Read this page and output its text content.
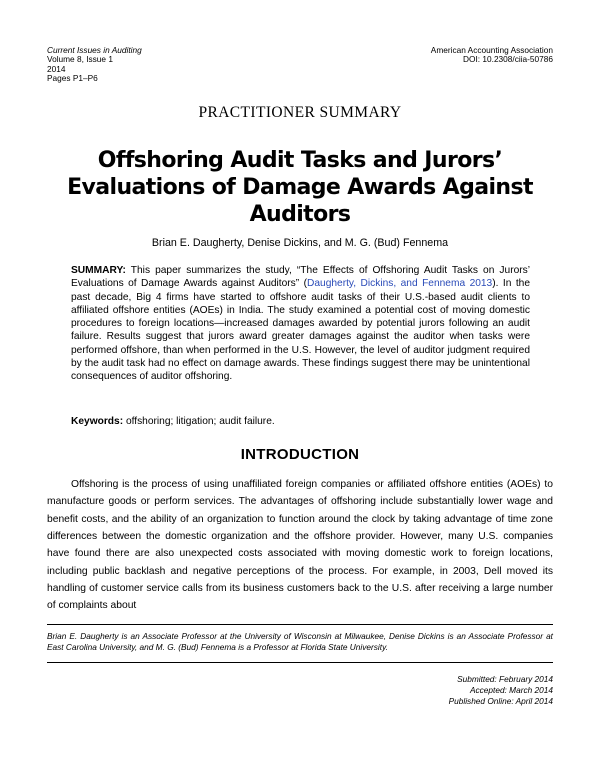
Current Issues in Auditing
Volume 8, Issue 1
2014
Pages P1–P6
American Accounting Association
DOI: 10.2308/ciia-50786
PRACTITIONER SUMMARY
Offshoring Audit Tasks and Jurors’ Evaluations of Damage Awards Against Auditors
Brian E. Daugherty, Denise Dickins, and M. G. (Bud) Fennema
SUMMARY: This paper summarizes the study, “The Effects of Offshoring Audit Tasks on Jurors’ Evaluations of Damage Awards against Auditors” (Daugherty, Dickins, and Fennema 2013). In the past decade, Big 4 firms have started to offshore audit tasks of their U.S.-based audit clients to affiliated offshore entities (AOEs) in India. The study examined a potential cost of moving domestic procedures to foreign locations—increased damages awarded by potential jurors following an audit failure. Results suggest that jurors award greater damages against the auditor when tasks were performed offshore, than when performed in the U.S. However, the level of auditor judgment required by the audit task had no effect on damage awards. These findings suggest there may be unintentional consequences of auditor offshoring.
Keywords: offshoring; litigation; audit failure.
INTRODUCTION
Offshoring is the process of using unaffiliated foreign companies or affiliated offshore entities (AOEs) to manufacture goods or perform services. The advantages of offshoring include substantially lower wage and benefit costs, and the ability of an organization to function around the clock by taking advantage of time zone differences between the domestic organization and the offshore provider. However, many U.S. companies have found there are also unexpected costs associated with moving domestic work to foreign locations, including public backlash and negative perceptions of the process. For example, in 2003, Dell moved its handling of customer service calls from its business customers back to the U.S. after receiving a large number of complaints about
Brian E. Daugherty is an Associate Professor at the University of Wisconsin at Milwaukee, Denise Dickins is an Associate Professor at East Carolina University, and M. G. (Bud) Fennema is a Professor at Florida State University.
Submitted: February 2014
Accepted: March 2014
Published Online: April 2014
